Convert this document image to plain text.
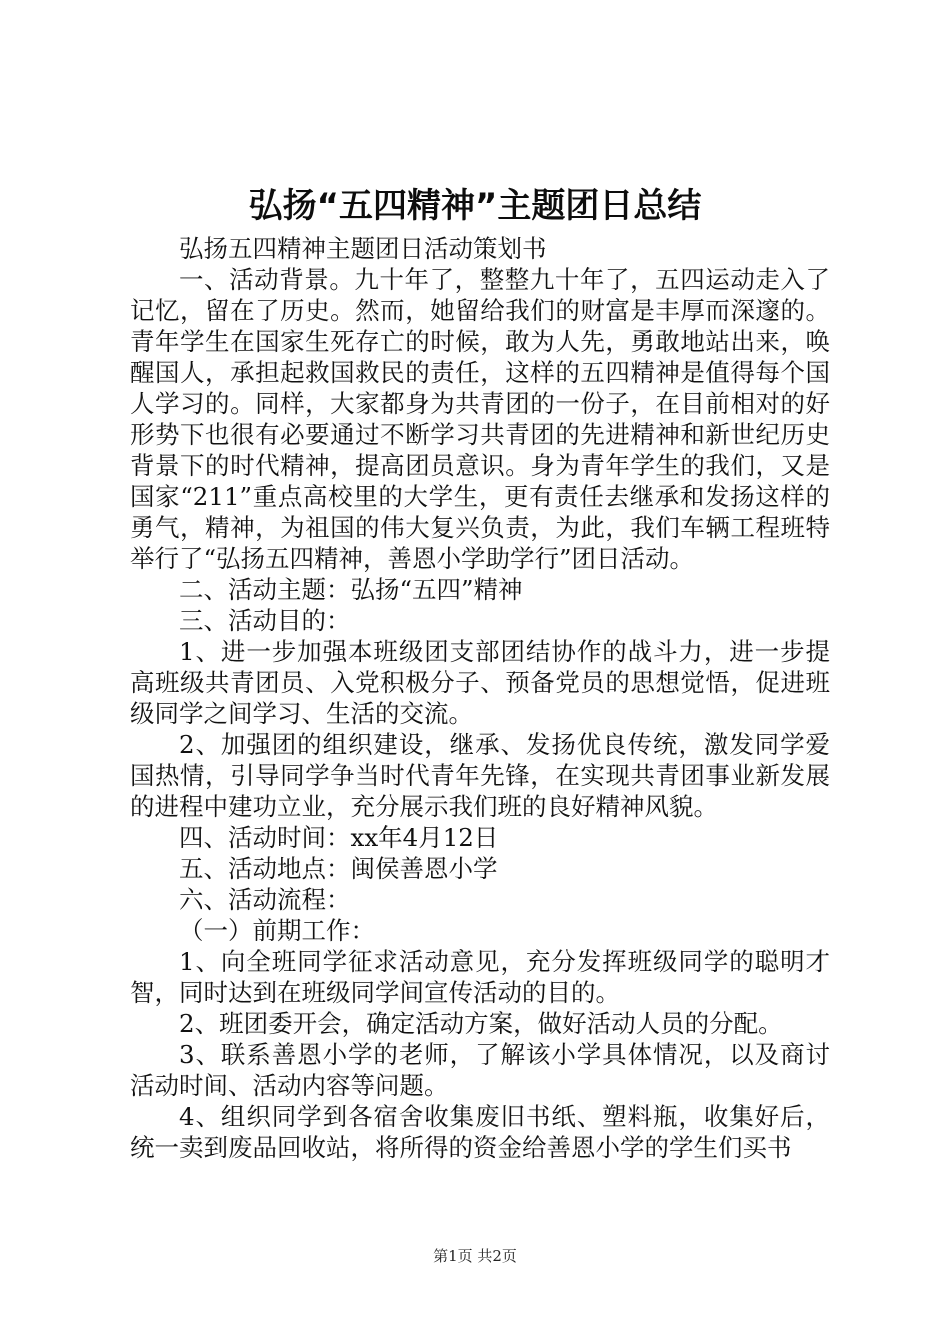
弘扬“五四精神”主题团日总结

弘扬五四精神主题团日活动策划书

一、活动背景。九十年了，整整九十年了，五四运动走入了记忆，留在了历史。然而，她留给我们的财富是丰厚而深邃的。青年学生在国家生死存亡的时候，敢为人先，勇敢地站出来，唤醒国人，承担起救国救民的责任，这样的五四精神是值得每个国人学习的。同样，大家都身为共青团的一份子，在目前相对的好形势下也很有必要通过不断学习共青团的先进精神和新世纪历史背景下的时代精神，提高团员意识。身为青年学生的我们，又是国家“211”重点高校里的大学生，更有责任去继承和发扬这样的勇气，精神，为祖国的伟大复兴负责，为此，我们车辆工程班特举行了“弘扬五四精神，善恩小学助学行”团日活动。

二、活动主题：弘扬“五四”精神

三、活动目的：

1、进一步加强本班级团支部团结协作的战斗力，进一步提高班级共青团员、入党积极分子、预备党员的思想觉悟，促进班级同学之间学习、生活的交流。

2、加强团的组织建设，继承、发扬优良传统，激发同学爱国热情，引导同学争当时代青年先锋，在实现共青团事业新发展的进程中建功立业，充分展示我们班的良好精神风貌。

四、活动时间：xx年4月12日

五、活动地点：闽侯善恩小学

六、活动流程：

（一）前期工作：

1、向全班同学征求活动意见，充分发挥班级同学的聪明才智，同时达到在班级同学间宣传活动的目的。

2、班团委开会，确定活动方案，做好活动人员的分配。

3、联系善恩小学的老师，了解该小学具体情况，以及商讨活动时间、活动内容等问题。

4、组织同学到各宿舍收集废旧书纸、塑料瓶，收集好后，统一卖到废品回收站，将所得的资金给善恩小学的学生们买书

第1页 共2页
